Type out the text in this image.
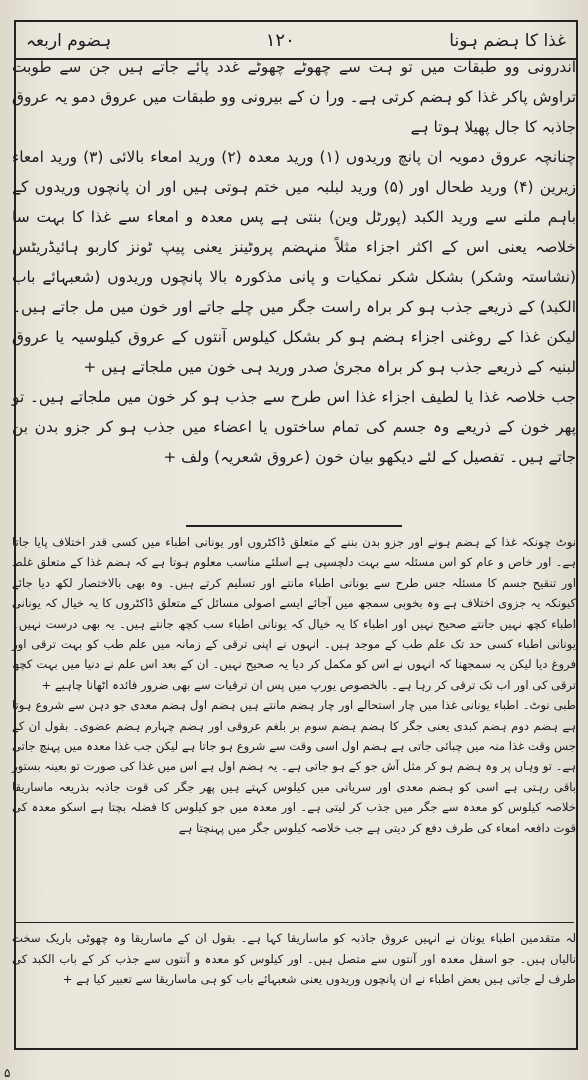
غذا کا ہضم ہونا
۱۲۰
ہضوم اربعہ

اندرونی وو طبقات میں تو ہت سے چھوٹے چھوٹے غدد پائے جاتے ہیں جن سے طوبت تراوش پاکر غذا کو ہضم کرتی ہے۔ ورا ن کے بیرونی وو طبقات میں عروق دمو یہ عروق جاذبہ کا جال پھیلا ہوتا ہے

چنانچہ عروق دمویہ ان پانچ وریدوں (۱) ورید معدہ (۲) ورید امعاء بالائی (۳) ورید امعاء زیرین (۴) ورید طحال اور (۵) ورید لبلبہ میں ختم ہوتی ہیں اور ان پانچوں وریدوں کے باہم ملنے سے ورید الکبد (پورٹل وین) بنتی ہے پس معدہ و امعاء سے غذا کا بہت سا خلاصہ یعنی اس کے اکثر اجزاء مثلاً منہضم پروٹینز یعنی پیپ ٹونز کاربو ہائیڈریٹس (نشاستہ وشکر) بشکل شکر نمکیات و پانی مذکورہ بالا پانچوں وریدوں (شعبہائے باب الکبد) کے ذریعے جذب ہو کر براہ راست جگر میں چلے جاتے اور خون میں مل جاتے ہیں۔ لیکن غذا کے روغنی اجزاء ہضم ہو کر بشکل کیلوس آنتوں کے عروق کیلوسیہ یا عروق لبنیہ کے ذریعے جذب ہو کر براہ مجریٰ صدر ورید ہی خون میں ملجاتے ہیں +

جب خلاصہ غذا یا لطیف اجزاء غذا اس طرح سے جذب ہو کر خون میں ملجاتے ہیں۔ تو پھر خون کے ذریعے وہ جسم کی تمام ساختوں یا اعضاء میں جذب ہو کر جزو بدن بن جاتے ہیں۔ تفصیل کے لئے دیکھو بیان خون (عروق شعریہ) ولف +

نوٹ چونکہ غذا کے ہضم ہونے اور جزو بدن بننے کے متعلق ڈاکٹروں اور یونانی اطباء میں کسی قدر اختلاف پایا جاتا ہے۔ اور خاص و عام کو اس مسئلہ سے بہت دلچسپی ہے اسلئے مناسب معلوم ہوتا ہے کہ ہضم غذا کے متعلق غلط اور تنقیح جسم کا مسئلہ جس طرح سے یونانی اطباء مانتے اور تسلیم کرتے ہیں۔ وہ بھی بالاختصار لکھ دیا جائے کیونکہ یہ جزوی اختلاف ہے وہ بخوبی سمجھ میں آجائے ایسے اصولی مسائل کے متعلق ڈاکٹروں کا یہ خیال کہ یونانی اطباء کچھ نہیں جانتے صحیح نہیں اور اطباء کا یہ خیال کہ یونانی اطباء سب کچھ جانتے ہیں۔ یہ بھی درست نہیں۔ یونانی اطباء کسی حد تک علم طب کے موجد ہیں۔ انہوں نے اپنی ترقی کے زمانہ میں علم طب کو بہت ترقی اور فروغ دیا لیکن یہ سمجھنا کہ انہوں نے اس کو مکمل کر دیا یہ صحیح نہیں۔ ان کے بعد اس علم نے دنیا میں بہت کچھ ترقی کی اور اب تک ترقی کر رہا ہے۔ بالخصوص یورپ میں پس ان ترقیات سے بھی ضرور فائدہ اٹھانا چاہیے +

طبی نوٹ۔ اطباء یونانی غذا میں چار استحالے اور چار ہضم مانتے ہیں ہضم اول ہضم معدی جو دہن سے شروع ہوتا ہے ہضم دوم ہضم کبدی یعنی جگر کا ہضم ہضم سوم بر بلغم عروقی اور ہضم چہارم ہضم عضوی۔ بقول ان کے جس وقت غذا منہ میں چبائی جاتی ہے ہضم اول اسی وقت سے شروع ہو جاتا ہے لیکن جب غذا معدہ میں پہنچ جاتی ہے۔ تو وہاں پر وہ ہضم ہو کر مثل آش جو کے ہو جاتی ہے۔ یہ ہضم اول ہے اس میں غذا کی صورت تو بعینہ بستور باقی رہتی ہے اسی کو ہضم معدی اور سریانی میں کیلوس کہتے ہیں پھر جگر کی قوت جاذبہ بذریعہ ماساریقا خلاصہ کیلوس کو معدہ سے جگر میں جذب کر لیتی ہے۔ اور معدہ میں جو کیلوس کا فضلہ بچتا ہے اسکو معدہ کی قوت دافعہ امعاء کی طرف دفع کر دیتی ہے جب خلاصہ کیلوس جگر میں پہنچتا ہے

لہ متقدمین اطباء یونان نے انہیں عروق جاذبہ کو ماساریقا کہا ہے۔ بقول ان کے ماساریقا وہ چھوٹی باریک سخت نالیاں ہیں۔ جو اسفل معدہ اور آنتوں سے متصل ہیں۔ اور کیلوس کو معدہ و آنتوں سے جذب کر کے باب الکبد کی طرف لے جاتی ہیں بعض اطباء نے ان پانچوں وریدوں یعنی شعبہائے باب کو ہی ماساریقا سے تعبیر کیا ہے +

۵
